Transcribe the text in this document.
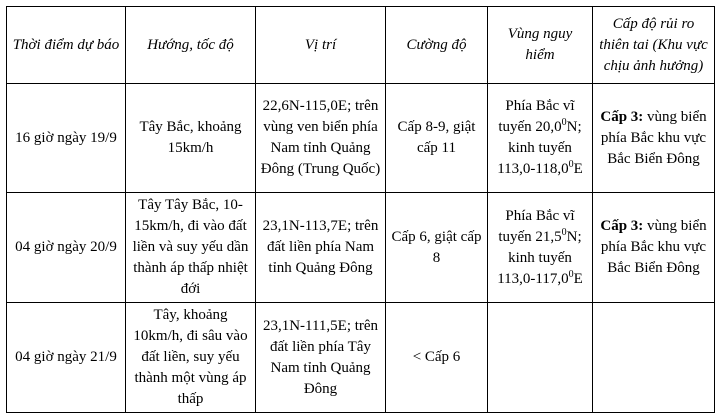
Thời điểm dự báo	Hướng, tốc độ	Vị trí	Cường độ	Vùng nguy hiểm	Cấp độ rủi ro thiên tai (Khu vực chịu ảnh hưởng)
16 giờ ngày 19/9	Tây Bắc, khoảng 15km/h	22,6N-115,0E; trên vùng ven biển phía Nam tỉnh Quảng Đông (Trung Quốc)	Cấp 8-9, giật cấp 11	Phía Bắc vĩ tuyến 20,0$^0$N; kinh tuyến 113,0-118,0$^0$E	Cấp 3: vùng biển phía Bắc khu vực Bắc Biển Đông
04 giờ ngày 20/9	Tây Tây Bắc, 10-15km/h, đi vào đất liền và suy yếu dần thành áp thấp nhiệt đới	23,1N-113,7E; trên đất liền phía Nam tỉnh Quảng Đông	Cấp 6, giật cấp 8	Phía Bắc vĩ tuyến 21,5$^0$N; kinh tuyến 113,0-117,0$^0$E	Cấp 3: vùng biển phía Bắc khu vực Bắc Biển Đông
04 giờ ngày 21/9	Tây, khoảng 10km/h, đi sâu vào đất liền, suy yếu thành một vùng áp thấp	23,1N-111,5E; trên đất liền phía Tây Nam tỉnh Quảng Đông	< Cấp 6		
